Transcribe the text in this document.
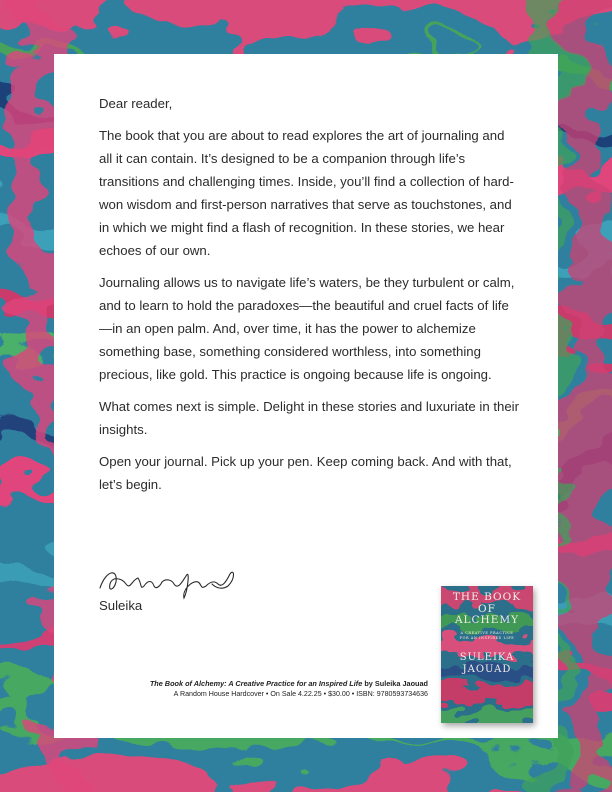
Dear reader,

The book that you are about to read explores the art of journaling and all it can contain. It’s designed to be a companion through life’s transitions and challenging times. Inside, you’ll find a collection of hard-won wisdom and first-person narratives that serve as touchstones, and in which we might find a flash of recognition. In these stories, we hear echoes of our own.

Journaling allows us to navigate life’s waters, be they turbulent or calm, and to learn to hold the paradoxes—the beautiful and cruel facts of life—in an open palm. And, over time, it has the power to alchemize something base, something considered worthless, into something precious, like gold. This practice is ongoing because life is ongoing.

What comes next is simple. Delight in these stories and luxuriate in their insights.

Open your journal. Pick up your pen. Keep coming back. And with that, let’s begin.

Suleika
The Book of Alchemy: A Creative Practice for an Inspired Life by Suleika Jaouad
A Random House Hardcover • On Sale 4.22.25 • $30.00 • ISBN: 9780593734636
THE BOOK
OF
ALCHEMY
A CREATIVE PRACTICE
FOR AN INSPIRED LIFE
SULEIKA
JAOUAD
